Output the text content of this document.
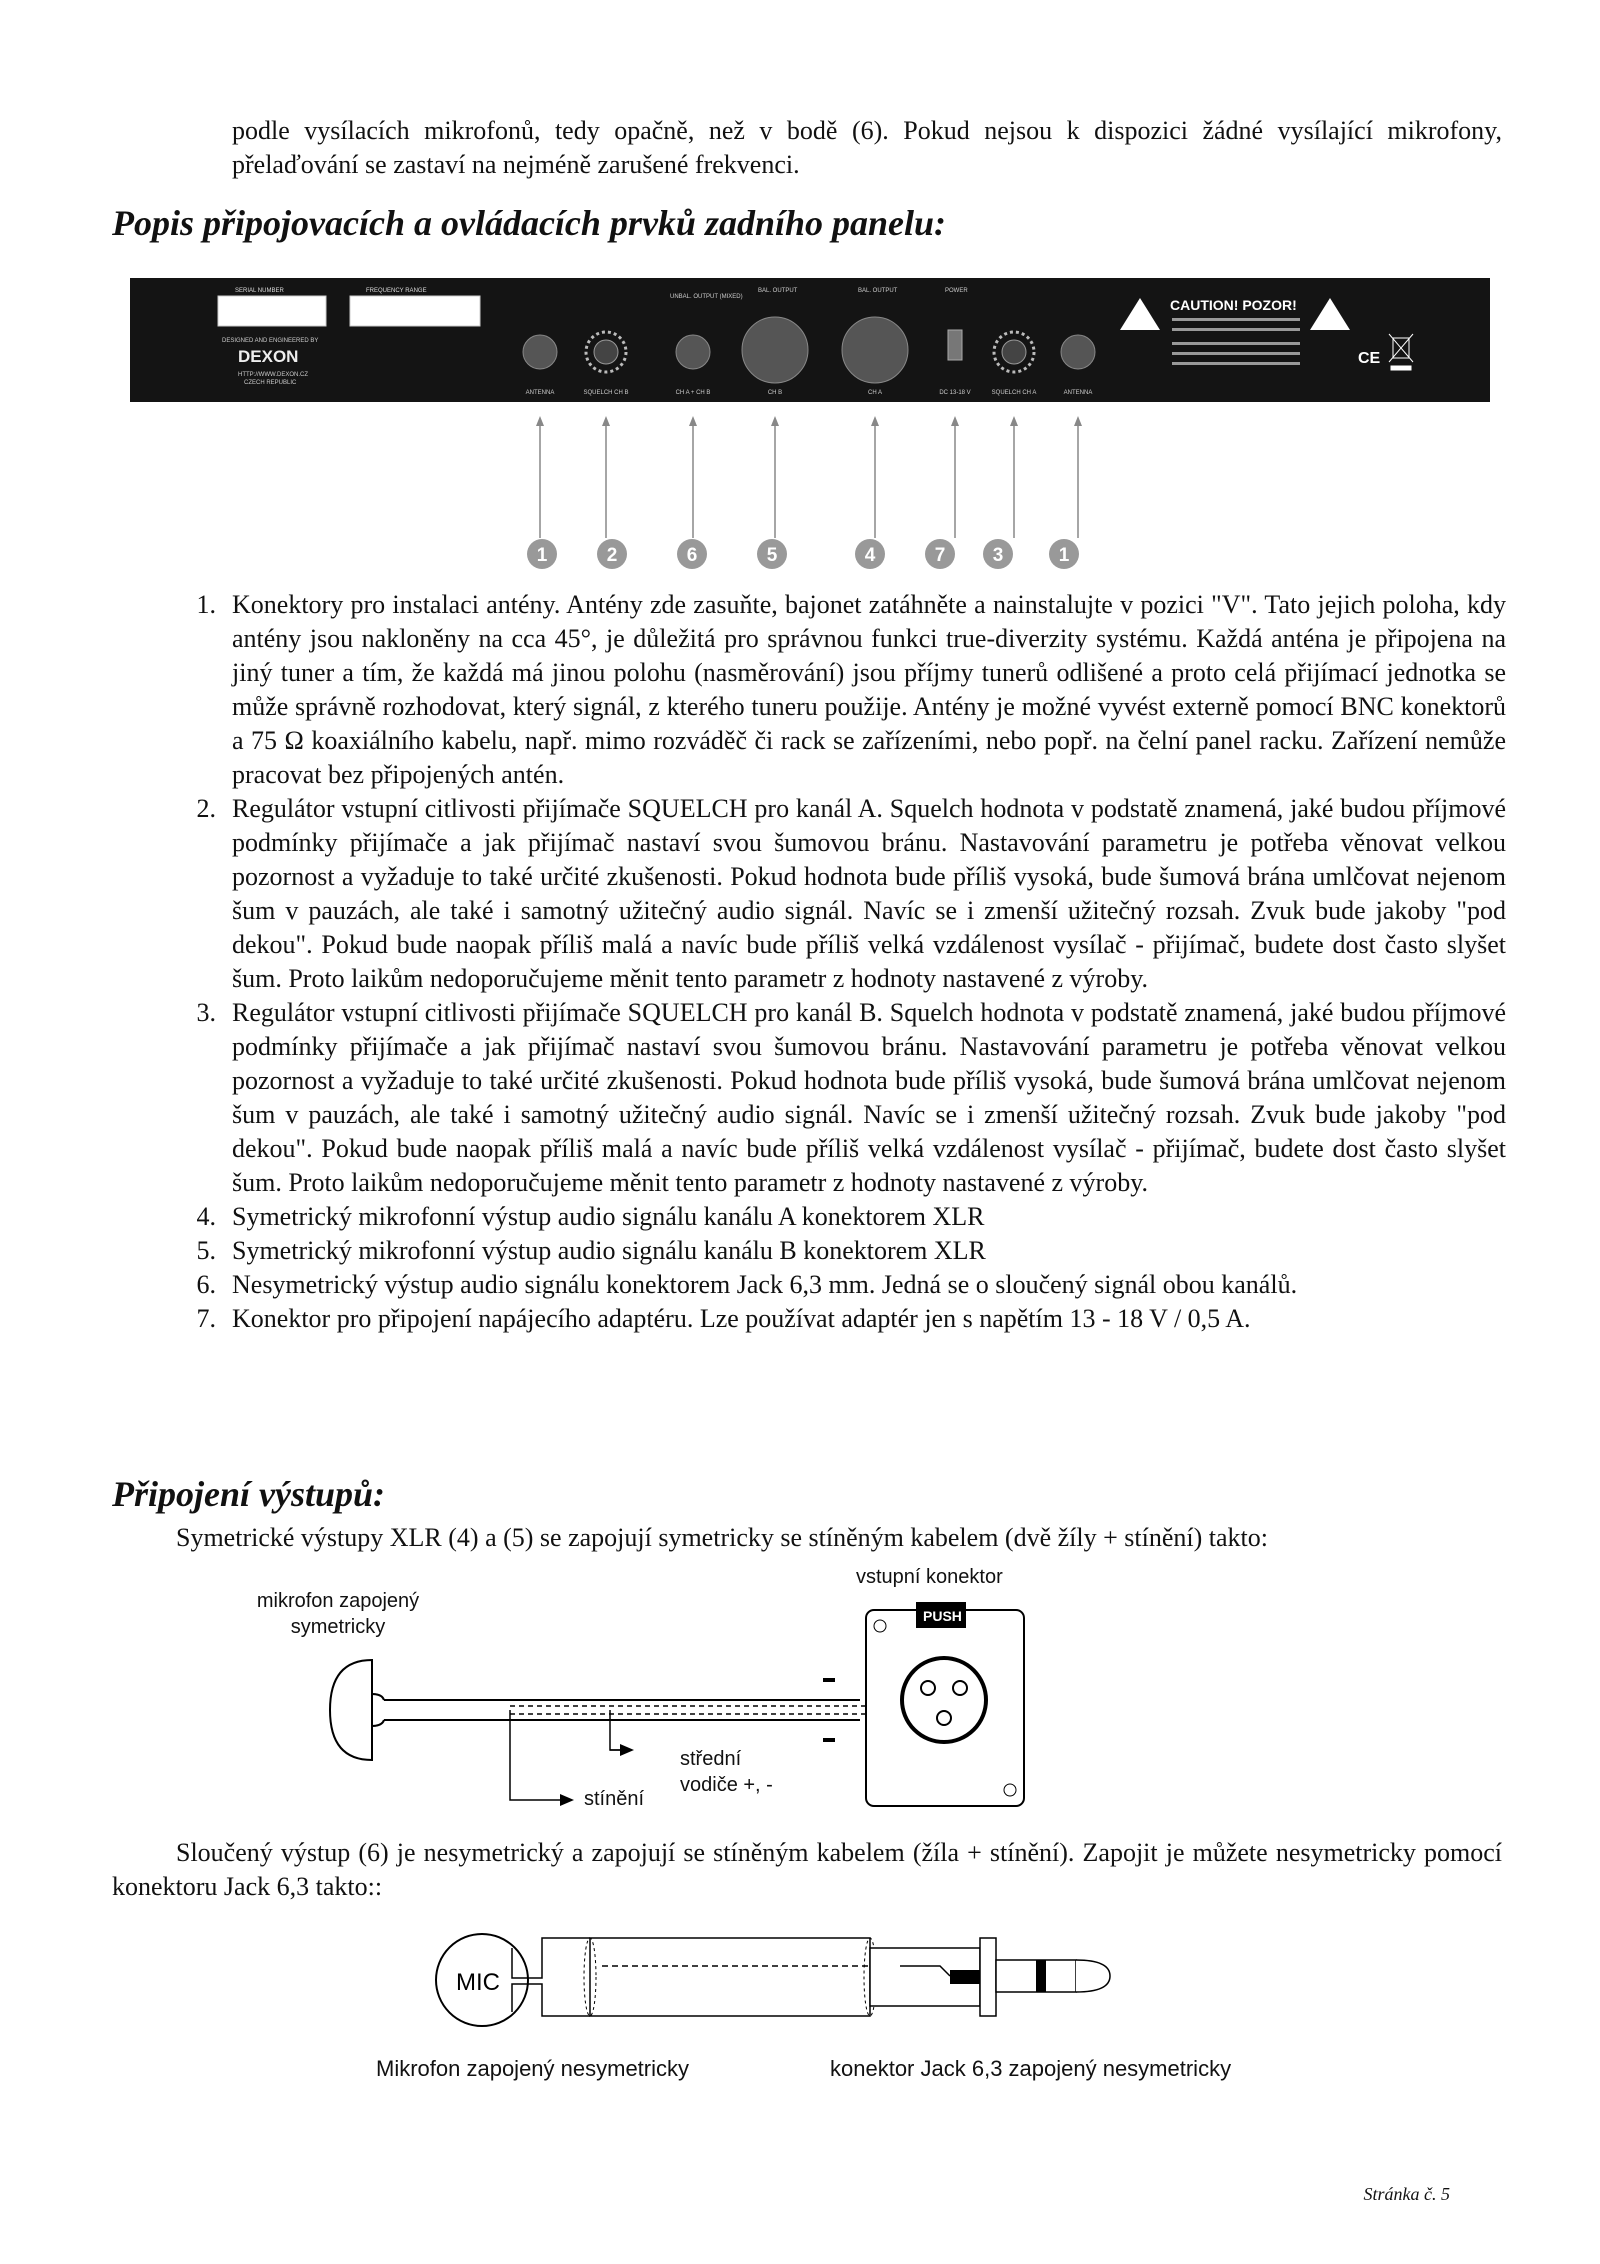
podle vysílacích mikrofonů, tedy opačně, než v bodě (6). Pokud nejsou k dispozici žádné vysílající mikrofony, přelaďování se zastaví na nejméně zarušené frekvenci.
Popis připojovacích a ovládacích prvků zadního panelu:
SERIAL NUMBER	FREQUENCY RANGE
DESIGNED AND ENGINEERED BY
DEXON
HTTP://WWW.DEXON.CZ
CZECH REPUBLIC
UNBAL. OUTPUT (MIXED)
BAL. OUTPUT	BAL. OUTPUT	POWER
CAUTION! POZOR!
CE
ANTENNA	SQUELCH CH B	CH A + CH B	CH B	CH A	DC 13-18 V	SQUELCH CH A	ANTENNA
1	2	6	5	4	7 3	1
1. Konektory pro instalaci antény. Antény zde zasuňte, bajonet zatáhněte a nainstalujte v pozici "V". Tato jejich poloha, kdy antény jsou nakloněny na cca 45°, je důležitá pro správnou funkci true-diverzity systému. Každá anténa je připojena na jiný tuner a tím, že každá má jinou polohu (nasměrování) jsou příjmy tunerů odlišené a proto celá přijímací jednotka se může správně rozhodovat, který signál, z kterého tuneru použije. Antény je možné vyvést externě pomocí BNC konektorů a 75 Ω koaxiálního kabelu, např. mimo rozváděč či rack se zařízeními, nebo popř. na čelní panel racku. Zařízení nemůže pracovat bez připojených antén.
2. Regulátor vstupní citlivosti přijímače SQUELCH pro kanál A. Squelch hodnota v podstatě znamená, jaké budou příjmové podmínky přijímače a jak přijímač nastaví svou šumovou bránu. Nastavování parametru je potřeba věnovat velkou pozornost a vyžaduje to také určité zkušenosti. Pokud hodnota bude příliš vysoká, bude šumová brána umlčovat nejenom šum v pauzách, ale také i samotný užitečný audio signál. Navíc se i zmenší užitečný rozsah. Zvuk bude jakoby "pod dekou". Pokud bude naopak příliš malá a navíc bude příliš velká vzdálenost vysílač - přijímač, budete dost často slyšet šum. Proto laikům nedoporučujeme měnit tento parametr z hodnoty nastavené z výroby.
3. Regulátor vstupní citlivosti přijímače SQUELCH pro kanál B. Squelch hodnota v podstatě znamená, jaké budou příjmové podmínky přijímače a jak přijímač nastaví svou šumovou bránu. Nastavování parametru je potřeba věnovat velkou pozornost a vyžaduje to také určité zkušenosti. Pokud hodnota bude příliš vysoká, bude šumová brána umlčovat nejenom šum v pauzách, ale také i samotný užitečný audio signál. Navíc se i zmenší užitečný rozsah. Zvuk bude jakoby "pod dekou". Pokud bude naopak příliš malá a navíc bude příliš velká vzdálenost vysílač - přijímač, budete dost často slyšet šum. Proto laikům nedoporučujeme měnit tento parametr z hodnoty nastavené z výroby.
4. Symetrický mikrofonní výstup audio signálu kanálu A konektorem XLR
5. Symetrický mikrofonní výstup audio signálu kanálu B konektorem XLR
6. Nesymetrický výstup audio signálu konektorem Jack 6,3 mm. Jedná se o sloučený signál obou kanálů.
7. Konektor pro připojení napájecího adaptéru. Lze používat adaptér jen s napětím 13 - 18 V / 0,5 A.
Připojení výstupů:
Symetrické výstupy XLR (4) a (5) se zapojují symetricky se stíněným kabelem (dvě žíly + stínění) takto:
mikrofon zapojený symetricky
vstupní konektor
stínění
střední vodiče +, -
PUSH
Sloučený výstup (6) je nesymetrický a zapojují se stíněným kabelem (žíla + stínění). Zapojit je můžete nesymetricky pomocí konektoru Jack 6,3 takto::
MIC
Mikrofon zapojený nesymetricky	konektor Jack 6,3 zapojený nesymetricky
Stránka č. 5
